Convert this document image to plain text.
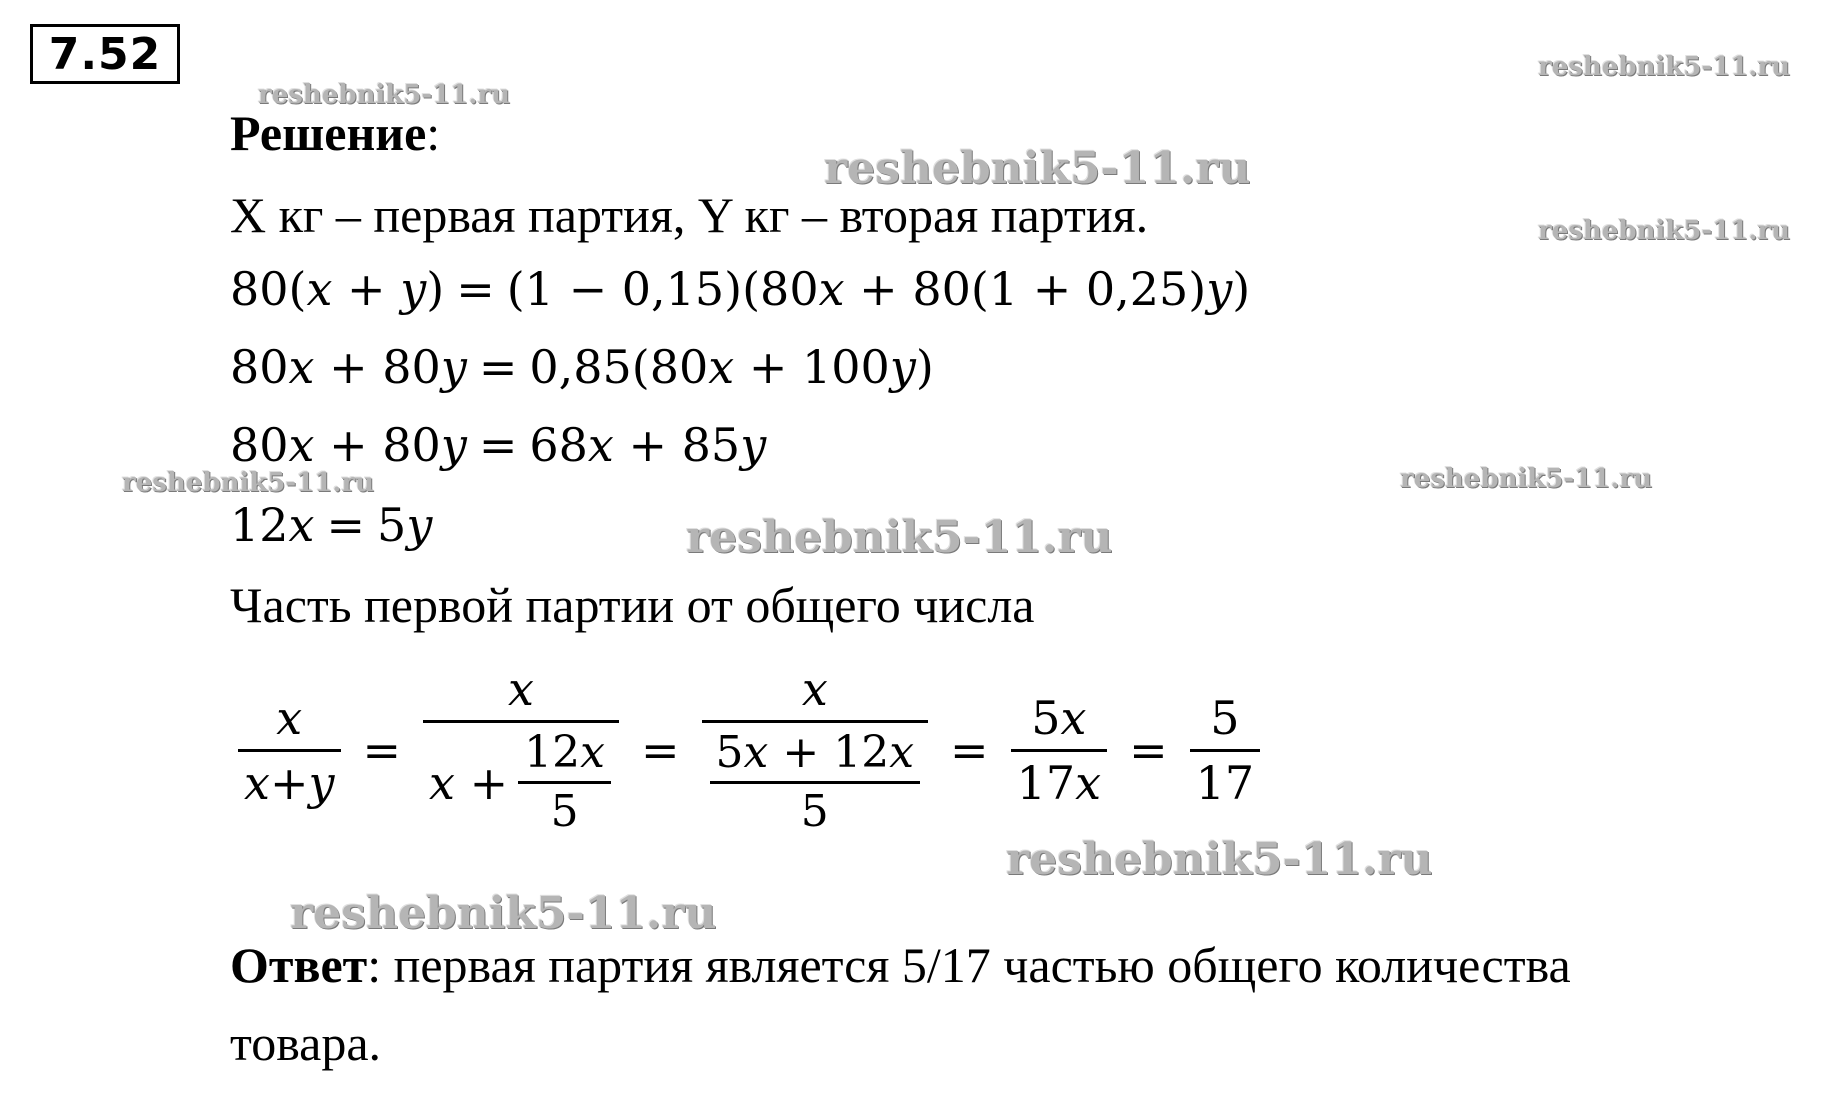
7.52
reshebnik5-11.ru
reshebnik5-11.ru
reshebnik5-11.ru
reshebnik5-11.ru
reshebnik5-11.ru	reshebnik5-11.ru
reshebnik5-11.ru
reshebnik5-11.ru
reshebnik5-11.ru
Решение:
X кг – первая партия, Y кг – вторая партия.
80(x + y) = (1 − 0,15)(80x + 80(1 + 0,25)y)
80x + 80y = 0,85(80x + 100y)
80x + 80y = 68x + 85y
12x = 5y
Часть первой партии от общего числа
$\frac{x}{x + y} = \frac{x}{x + \frac{12x}{5}} = \frac{x}{\frac{5x + 12x}{5}} = \frac{5x}{17 x} = \frac{5}{17}$
Ответ: первая партия является 5/17 частью общего количества
товара.
